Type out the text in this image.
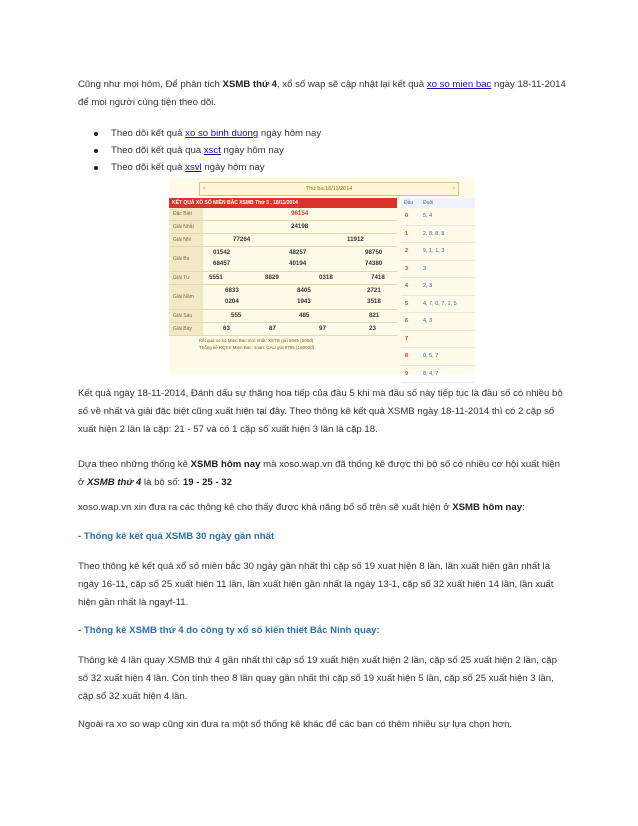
Cũng như mọi hôm, Để phân tích XSMB thứ 4, xổ số wap sẽ cập nhật lại kết quả xo so mien bac ngày 18-11-2014 để mọi người cùng tiện theo dõi.

Theo dõi kết quả xo so binh duong ngày hôm nay
Theo dõi kết quả qua xsct ngày hôm nay
Theo dõi kết quả xsvl ngày hôm nay

Kết quả ngày 18-11-2014, Đánh dấu sự thăng hoa tiếp của đầu 5 khi mà đầu số này tiếp tục là đầu số có nhiều bộ số về nhất và giải đặc biệt cũng xuất hiện tại đây. Theo thông kê kết quả XSMB ngày 18-11-2014 thì có 2 cặp số xuất hiện 2 lần là cặp: 21 - 57 và có 1 cặp số xuất hiện 3 lần là cặp 18.

Dựa theo những thống kê XSMB hôm nay mà xoso.wap.vn đã thống kê được thì bộ số có nhiều cơ hội xuất hiện ở XSMB thứ 4 là bộ số: 19 - 25 - 32

xoso.wap.vn xin đưa ra các thông kê cho thấy được khả năng bố số trên sẽ xuất hiện ở XSMB hôm nay:

- Thống kê kết quả XSMB 30 ngày gần nhất

Theo thông kê kết quả xổ số miền bắc 30 ngày gần nhất thì cặp số 19 xuat hiện 8 lần, lần xuất hiện gần nhất là ngày 16-11, cặp số 25 xuất hiện 11 lần, lần xuất hiện gần nhất là ngày 13-1, cặp số 32 xuất hiện 14 lần, lần xuất hiện gần nhất là ngayf-11.

- Thông kê XSMB thứ 4 do công ty xổ số kiến thiết Bắc Ninh quay:

Thông kê 4 lần quay XSMB thứ 4 gần nhất thì cặp số 19 xuất hiện xuất hiện 2 lần, cặp số 25 xuất hiện 2 lần, cặp số 32 xuất hiện 4 lần. Còn tính theo 8 lần quay gần nhất thì cặp số 19 xuất hiện 5 lần, cặp số 25 xuất hiện 3 lần, cặp số 32 xuất hiện 4 lần.

Ngoài ra xo so wap cũng xin đưa ra một số thống kê khác để các bạn có thêm nhiều sự lựa chọn hơn.

‹	Thứ ba,18/11/2014	›
KẾT QUẢ XỔ SỐ MIỀN BẮC XSMB Thứ 3 , 18/11/2014
Đặc Biệt	96154
Giải Nhất	24198
Giải Nhì	77264	11912
Giải Ba
01542	48257	98750
68457	40194	74380
Giải Tư	5551	8829	0318	7418
Giải Năm
6833	8405	2721
0204	1943	3518
Giải Sáu	555	485	821
Giải Bảy	63	87	97	23
Kết quả xo so Mien Bac mới nhất: XSTD gửi 8085 (500đ)
Thống kê KQXS Mien Bac: soạn: CAU gửi 8785 (15000đ)
Đầu Đuôi
0	5, 4
1	2, 8, 8, 8
2	9, 1, 1, 3
3	3
4	2, 3
5	4, 7, 0, 7, 1, 5
6	4, 3
7
8	0, 5, 7
9	8, 4, 7
